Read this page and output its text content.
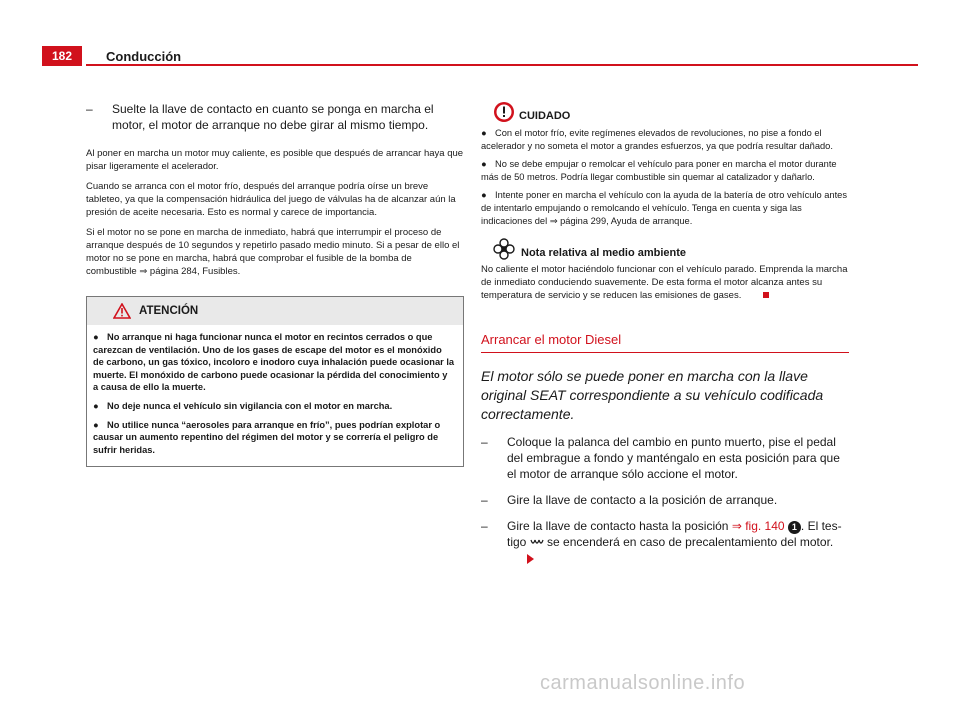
182	Conducción
– Suelte la llave de contacto en cuanto se ponga en marcha el motor, el motor de arranque no debe girar al mismo tiempo.

Al poner en marcha un motor muy caliente, es posible que después de arrancar haya que pisar ligeramente el acelerador.

Cuando se arranca con el motor frío, después del arranque podría oírse un breve tableteo, ya que la compensación hidráulica del juego de válvulas ha de alcanzar aún la presión de aceite necesaria. Esto es normal y carece de importancia.

Si el motor no se pone en marcha de inmediato, habrá que interrumpir el proceso de arranque después de 10 segundos y repetirlo pasado medio minuto. Si a pesar de ello el motor no se pone en marcha, habrá que comprobar el fusible de la bomba de combustible ⇒ página 284, Fusibles.

ATENCIÓN
● No arranque ni haga funcionar nunca el motor en recintos cerrados o que carezcan de ventilación. Uno de los gases de escape del motor es el monóxido de carbono, un gas tóxico, incoloro e inodoro cuya inhalación puede ocasionar la muerte. El monóxido de carbono puede ocasionar la pérdida del conocimiento y a causa de ello la muerte.
● No deje nunca el vehículo sin vigilancia con el motor en marcha.
● No utilice nunca “aerosoles para arranque en frío”, pues podrían explotar o causar un aumento repentino del régimen del motor y se correría el peligro de sufrir heridas.
CUIDADO
● Con el motor frío, evite regímenes elevados de revoluciones, no pise a fondo el acelerador y no someta el motor a grandes esfuerzos, ya que podría resultar dañado.
● No se debe empujar o remolcar el vehículo para poner en marcha el motor durante más de 50 metros. Podría llegar combustible sin quemar al catalizador y dañarlo.
● Intente poner en marcha el vehículo con la ayuda de la batería de otro vehículo antes de intentarlo empujando o remolcando el vehículo. Tenga en cuenta y siga las indicaciones del ⇒ página 299, Ayuda de arranque.
Nota relativa al medio ambiente

No caliente el motor haciéndolo funcionar con el vehículo parado. Emprenda la marcha de inmediato conduciendo suavemente. De esta forma el motor alcanza antes su temperatura de servicio y se reducen las emisiones de gases.

Arrancar el motor Diesel
El motor sólo se puede poner en marcha con la llave original SEAT correspondiente a su vehículo codificada correctamente.
– Coloque la palanca del cambio en punto muerto, pise el pedal del embrague a fondo y manténgalo en esta posición para que el motor de arranque sólo accione el motor.
– Gire la llave de contacto a la posición de arranque.
– Gire la llave de contacto hasta la posición ⇒ fig. 140 1 . El testigo se encenderá en caso de precalentamiento del motor.
carmanualsonline.info
